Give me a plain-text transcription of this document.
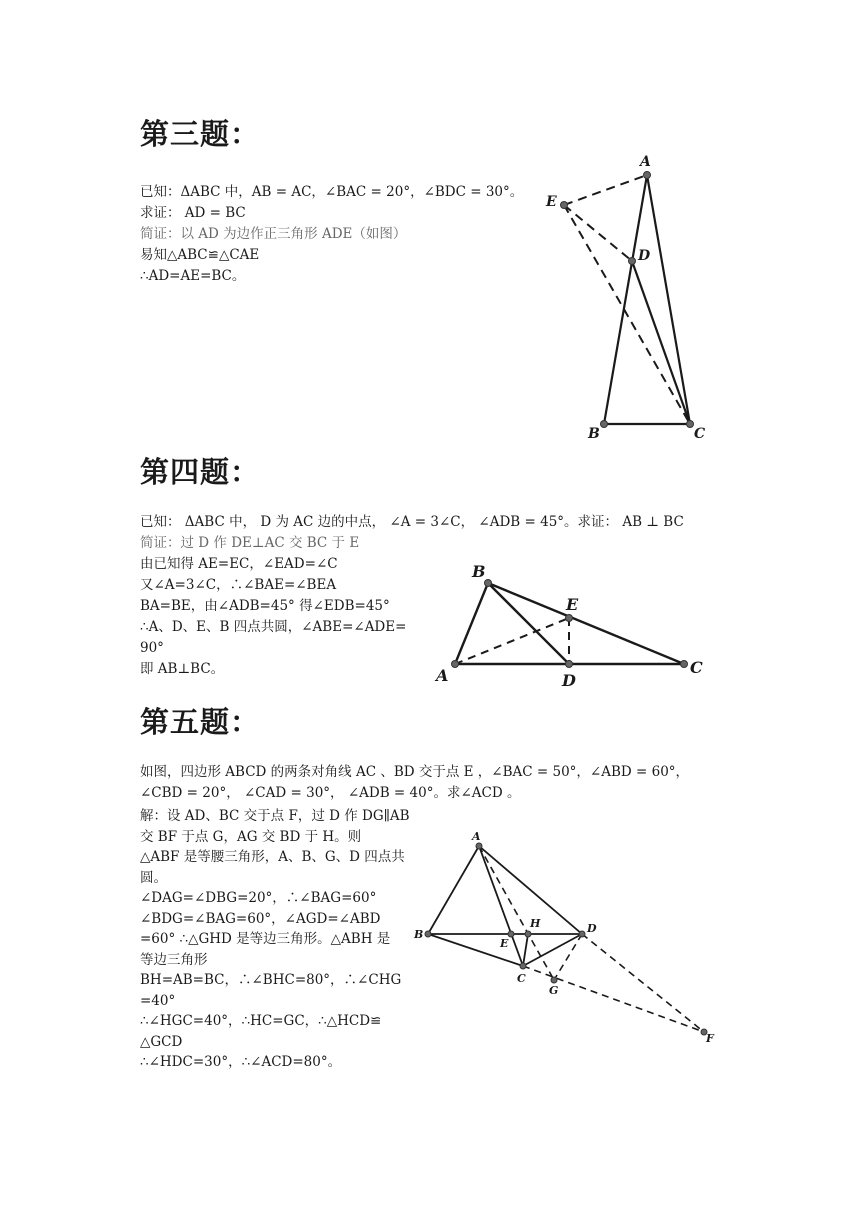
第三题：

已知：ΔABC 中，AB = AC，∠BAC = 20°，∠BDC = 30°。

求证： AD = BC

简证：以 AD 为边作正三角形 ADE（如图）

易知△ABC≌△CAE

∴AD=AE=BC。

A
B	C
D
E
第四题：

已知： ΔABC 中， D 为 AC 边的中点， ∠A = 3∠C， ∠ADB = 45°。求证： AB ⊥ BC

简证：过 D 作 DE⊥AC 交 BC 于 E

由已知得 AE=EC，∠EAD=∠C

又∠A=3∠C，∴∠BAE=∠BEA

BA=BE，由∠ADB=45° 得∠EDB=45°

∴A、D、E、B 四点共圆，∠ABE=∠ADE=

90°

即 AB⊥BC。	A
B
C
D
E
第五题：

如图，四边形 ABCD 的两条对角线 AC 、BD 交于点 E ，∠BAC = 50°，∠ABD = 60°，

∠CBD = 20°， ∠CAD = 30°， ∠ADB = 40°。求∠ACD 。

解：设 AD、BC 交于点 F，过 D 作 DG∥AB

交 BF 于点 G，AG 交 BD 于 H。则

△ABF 是等腰三角形，A、B、G、D 四点共

圆。

∠DAG=∠DBG=20°，∴∠BAG=60°

∠BDG=∠BAG=60°，∠AGD=∠ABD

=60° ∴△GHD 是等边三角形。△ABH 是

等边三角形

BH=AB=BC，∴∠BHC=80°，∴∠CHG

=40°

∴∠HGC=40°，∴HC=GC，∴△HCD≌

△GCD

∴∠HDC=30°，∴∠ACD=80°。

A
B
C
D
E
F
G
H
